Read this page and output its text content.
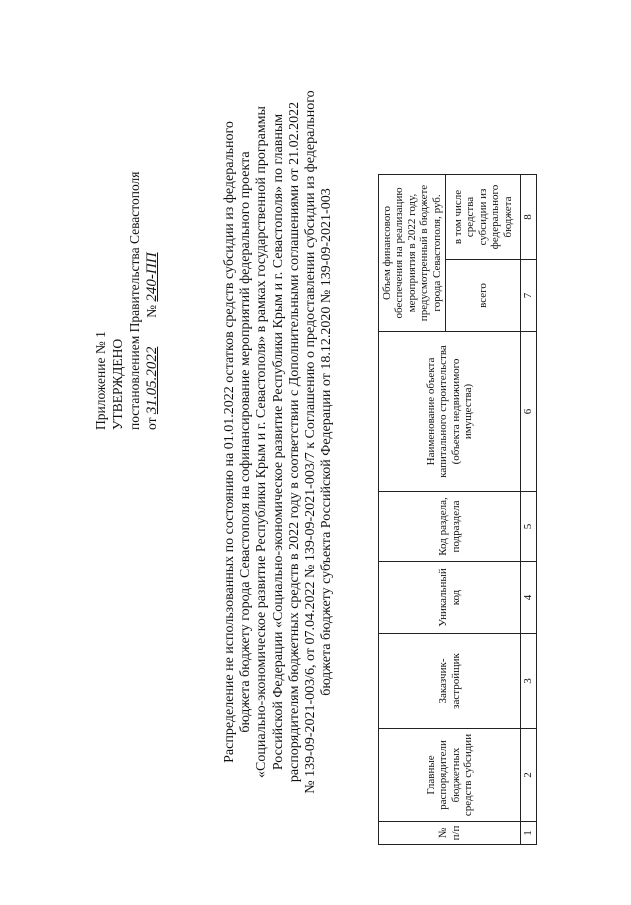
Приложение № 1 УТВЕРЖДЕНО постановлением Правительства Севастополя от 31.05.2022  № 240-ПП	Распределение не использованных по состоянию на 01.01.2022 остатков средств субсидии из федерального бюджета бюджету города Севастополя на софинансирование мероприятий федерального проекта «Социально-экономическое развитие Республики Крым и г. Севастополя» в рамках государственной программы Российской Федерации «Социально-экономическое развитие Республики Крым и г. Севастополя» по главным распорядителям бюджетных средств в 2022 году в соответствии с Дополнительными соглашениями от 21.02.2022 № 139-09-2021-003/6, от 07.04.2022 № 139-09-2021-003/7 к Соглашению о предоставлении субсидии из федерального бюджета бюджету субъекта Российской Федерации от 18.12.2020 № 139-09-2021-003
№ п/п	Главные распорядители бюджетных средств субсидии	Заказчик-застройщик	Уникальный код	Код раздела, подраздела	Наименование объекта капитального строительства (объекта недвижимого имущества)	Объем финансового обеспечения на реализацию мероприятия в 2022 году, предусмотренный в бюджете города Севастополя, руб.	
						всего	в том числе средства субсидии из федерального бюджета
1	2	3	4	5	6	7	8
